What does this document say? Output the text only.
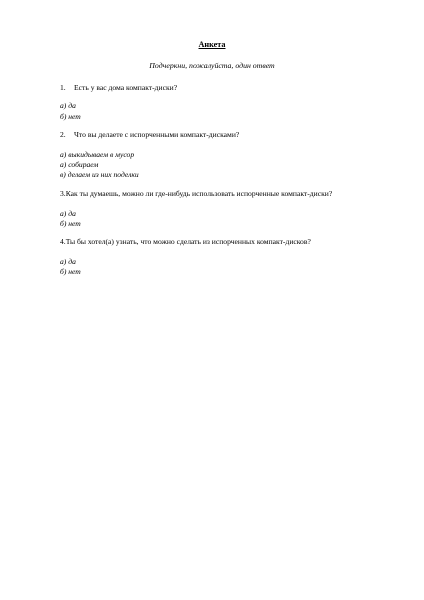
Анкета
Подчеркни, пожалуйста, один ответ
1. Есть у вас дома компакт-диски?
а) да
б) нет
2. Что вы делаете с испорченными компакт-дисками?
а) выкидываем в мусор
а) собираем
в) делаем из них поделки
3.Как ты думаешь, можно ли где-нибудь использовать испорченные компакт-диски?
а) да
б) нет
4.Ты бы хотел(а) узнать, что можно сделать из испорченных компакт-дисков?
а) да
б) нет
